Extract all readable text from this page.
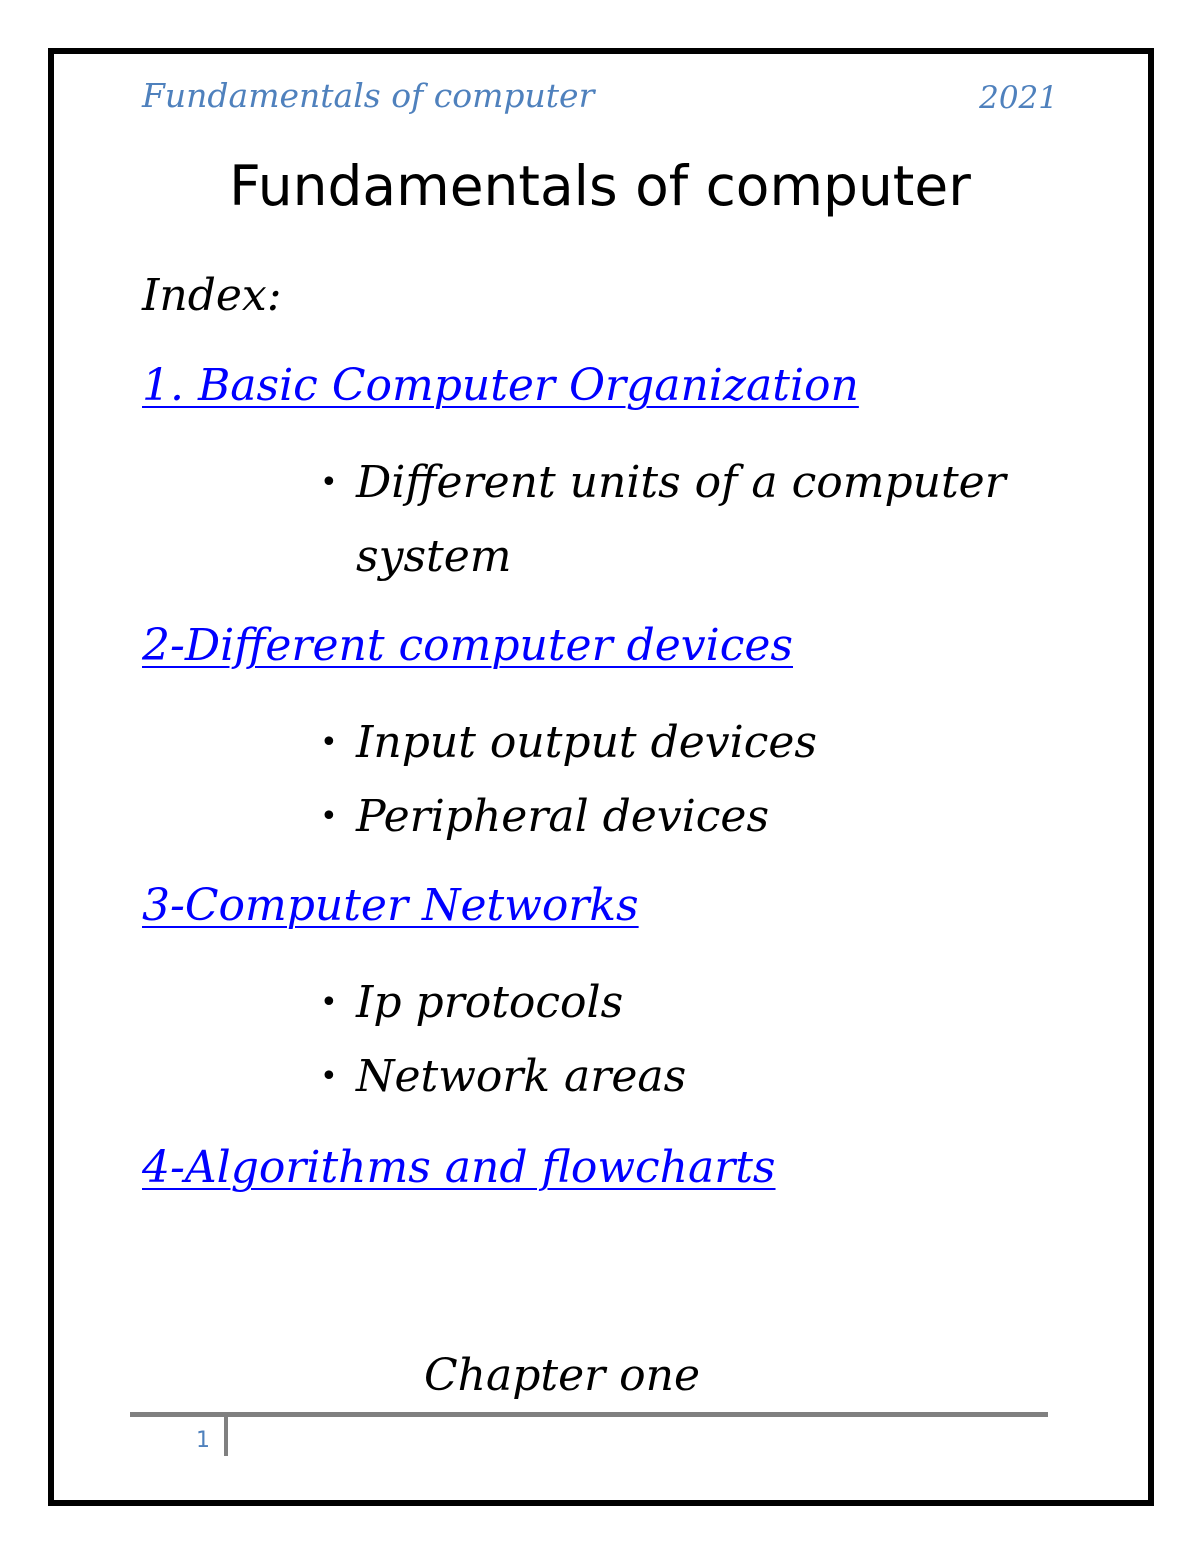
Fundamentals of computer	2021
Fundamentals of computer
Index:
1. Basic Computer Organization
• Different units of a computer system
2-Different computer devices
• Input output devices
• Peripheral devices
3-Computer Networks
• Ip protocols
• Network areas
4-Algorithms and flowcharts
Chapter one
1
